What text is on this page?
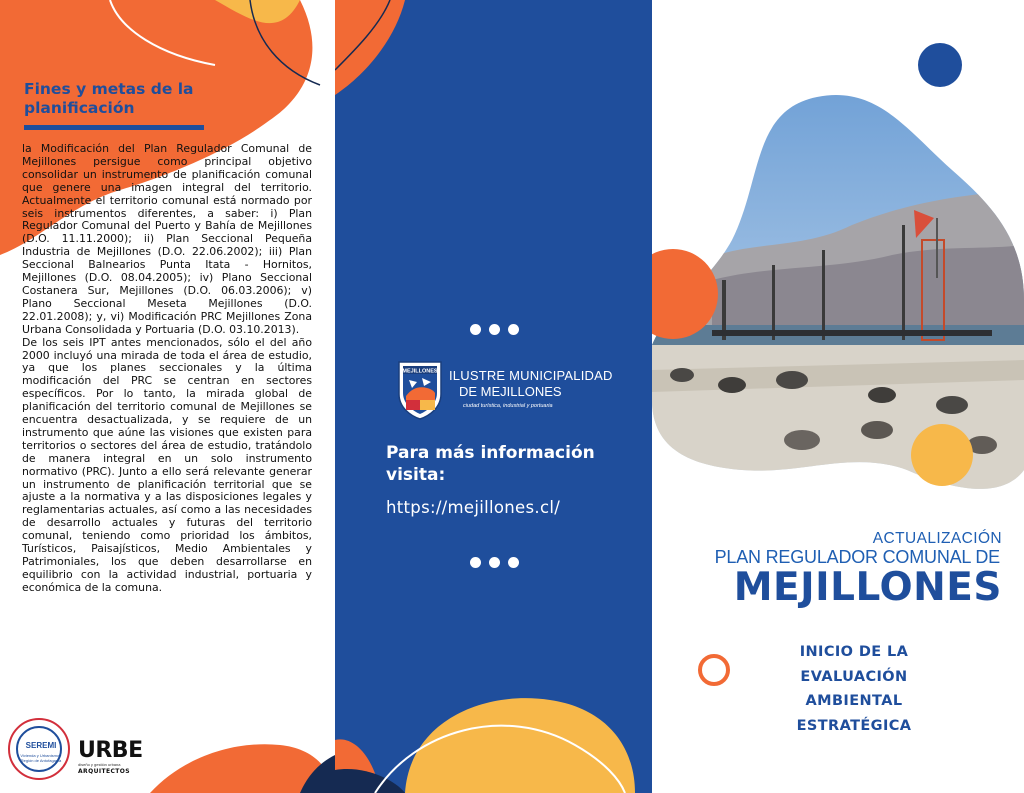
Fines y metas de la planificación

la Modificación del Plan Regulador Comunal de Mejillones persigue como principal objetivo consolidar un instrumento de planificación comunal que genere una imagen integral del territorio. Actualmente el territorio comunal está normado por seis instrumentos diferentes, a saber: i) Plan Regulador Comunal del Puerto y Bahía de Mejillones (D.O. 11.11.2000); ii) Plan Seccional Pequeña Industria de Mejillones (D.O. 22.06.2002); iii) Plan Seccional Balnearios Punta Itata - Hornitos, Mejillones (D.O. 08.04.2005); iv) Plano Seccional Costanera Sur, Mejillones (D.O. 06.03.2006); v) Plano Seccional Meseta Mejillones (D.O. 22.01.2008); y, vi) Modificación PRC Mejillones Zona Urbana Consolidada y Portuaria (D.O. 03.10.2013).

De los seis IPT antes mencionados, sólo el del año 2000 incluyó una mirada de toda el área de estudio, ya que los planes seccionales y la última modificación del PRC se centran en sectores específicos. Por lo tanto, la mirada global de planificación del territorio comunal de Mejillones se encuentra desactualizada, y se requiere de un instrumento que aúne las visiones que existen para territorios o sectores del área de estudio, tratándolo de manera integral en un solo instrumento normativo (PRC). Junto a ello será relevante generar un instrumento de planificación territorial que se ajuste a la normativa y a las disposiciones legales y reglamentarias actuales, así como a las necesidades de desarrollo actuales y futuras del territorio comunal, teniendo como prioridad los ámbitos, Turísticos, Paisajísticos, Medio Ambientales y Patrimoniales, los que deben desarrollarse en equilibrio con la actividad industrial, portuaria y económica de la comuna.

SEREMI
Vivienda y Urbanismo · Región de Antofagasta URBE
diseño y gestión urbana
ARQUITECTOS
MEJILLONES ILUSTRE MUNICIPALIDAD
DE MEJILLONES
ciudad turística, industrial y portuaria
Para más información visita:
https://mejillones.cl/
ACTUALIZACIÓN
PLAN REGULADOR COMUNAL DE
MEJILLONES
INICIO DE LA
EVALUACIÓN
AMBIENTAL
ESTRATÉGICA
